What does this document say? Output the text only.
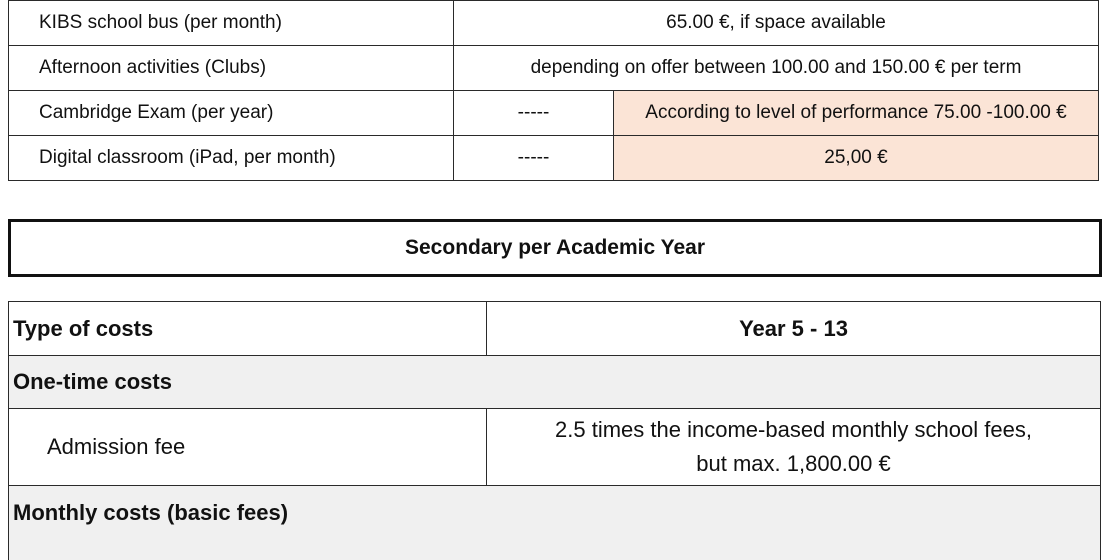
KIBS school bus (per month)	65.00 €, if space available	
Afternoon activities (Clubs)	depending on offer between 100.00 and 150.00 € per term	
Cambridge Exam (per year)	-----	According to level of performance 75.00 -100.00 €
Digital classroom (iPad, per month)	-----	25,00 €
Secondary per Academic Year
Type of costs	Year 5 - 13
One-time costs	
Admission fee	2.5 times the income-based monthly school fees,
but max. 1,800.00 €

Monthly costs (basic fees)	
